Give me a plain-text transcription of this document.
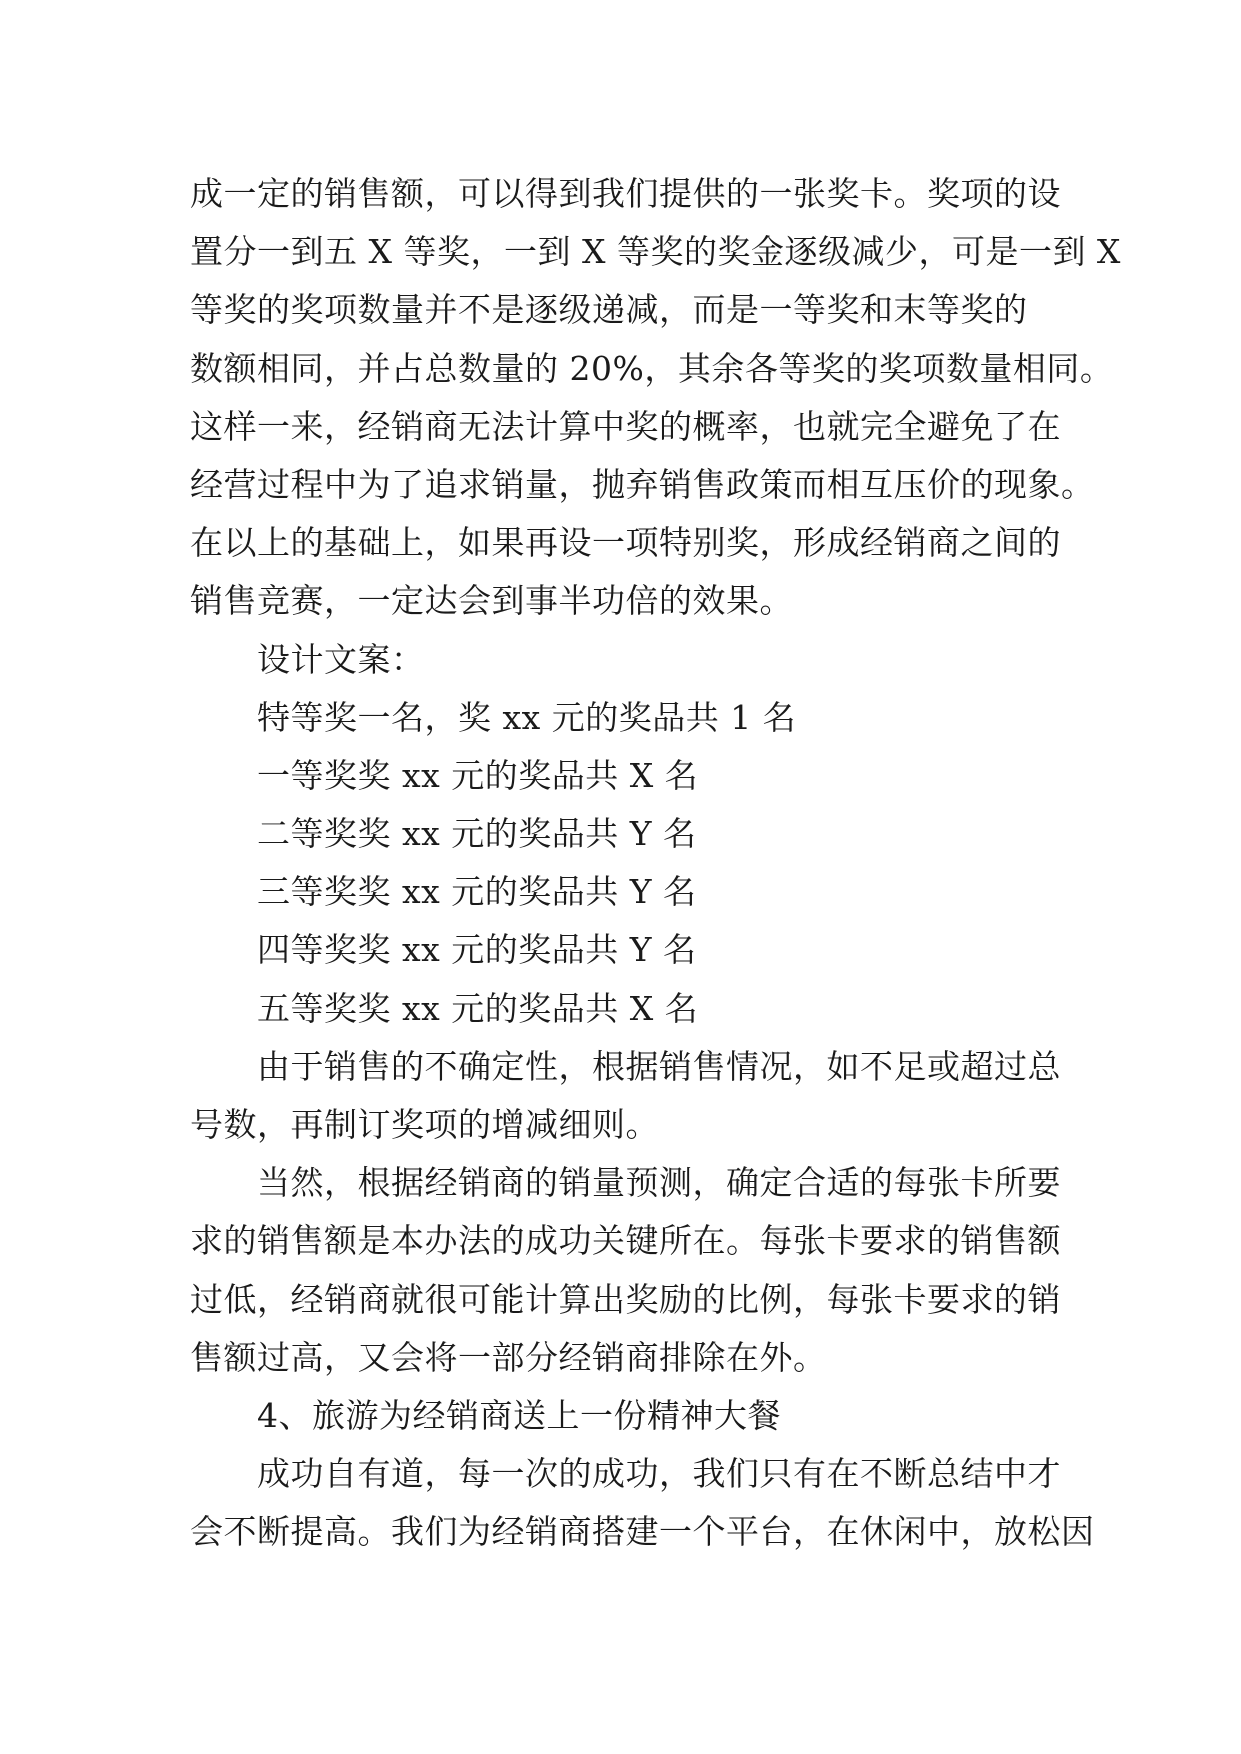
成一定的销售额，可以得到我们提供的一张奖卡。奖项的设
置分一到五 X 等奖，一到 X 等奖的奖金逐级减少，可是一到 X
等奖的奖项数量并不是逐级递减，而是一等奖和末等奖的
数额相同，并占总数量的 20%，其余各等奖的奖项数量相同。
这样一来，经销商无法计算中奖的概率，也就完全避免了在
经营过程中为了追求销量，抛弃销售政策而相互压价的现象。
在以上的基础上，如果再设一项特别奖，形成经销商之间的
销售竞赛，一定达会到事半功倍的效果。
设计文案：
特等奖一名，奖 xx 元的奖品共 1 名
一等奖奖 xx 元的奖品共 X 名
二等奖奖 xx 元的奖品共 Y 名
三等奖奖 xx 元的奖品共 Y 名
四等奖奖 xx 元的奖品共 Y 名
五等奖奖 xx 元的奖品共 X 名
由于销售的不确定性，根据销售情况，如不足或超过总
号数，再制订奖项的增减细则。
当然，根据经销商的销量预测，确定合适的每张卡所要
求的销售额是本办法的成功关键所在。每张卡要求的销售额
过低，经销商就很可能计算出奖励的比例，每张卡要求的销
售额过高，又会将一部分经销商排除在外。
4、旅游为经销商送上一份精神大餐
成功自有道，每一次的成功，我们只有在不断总结中才
会不断提高。我们为经销商搭建一个平台，在休闲中，放松因
